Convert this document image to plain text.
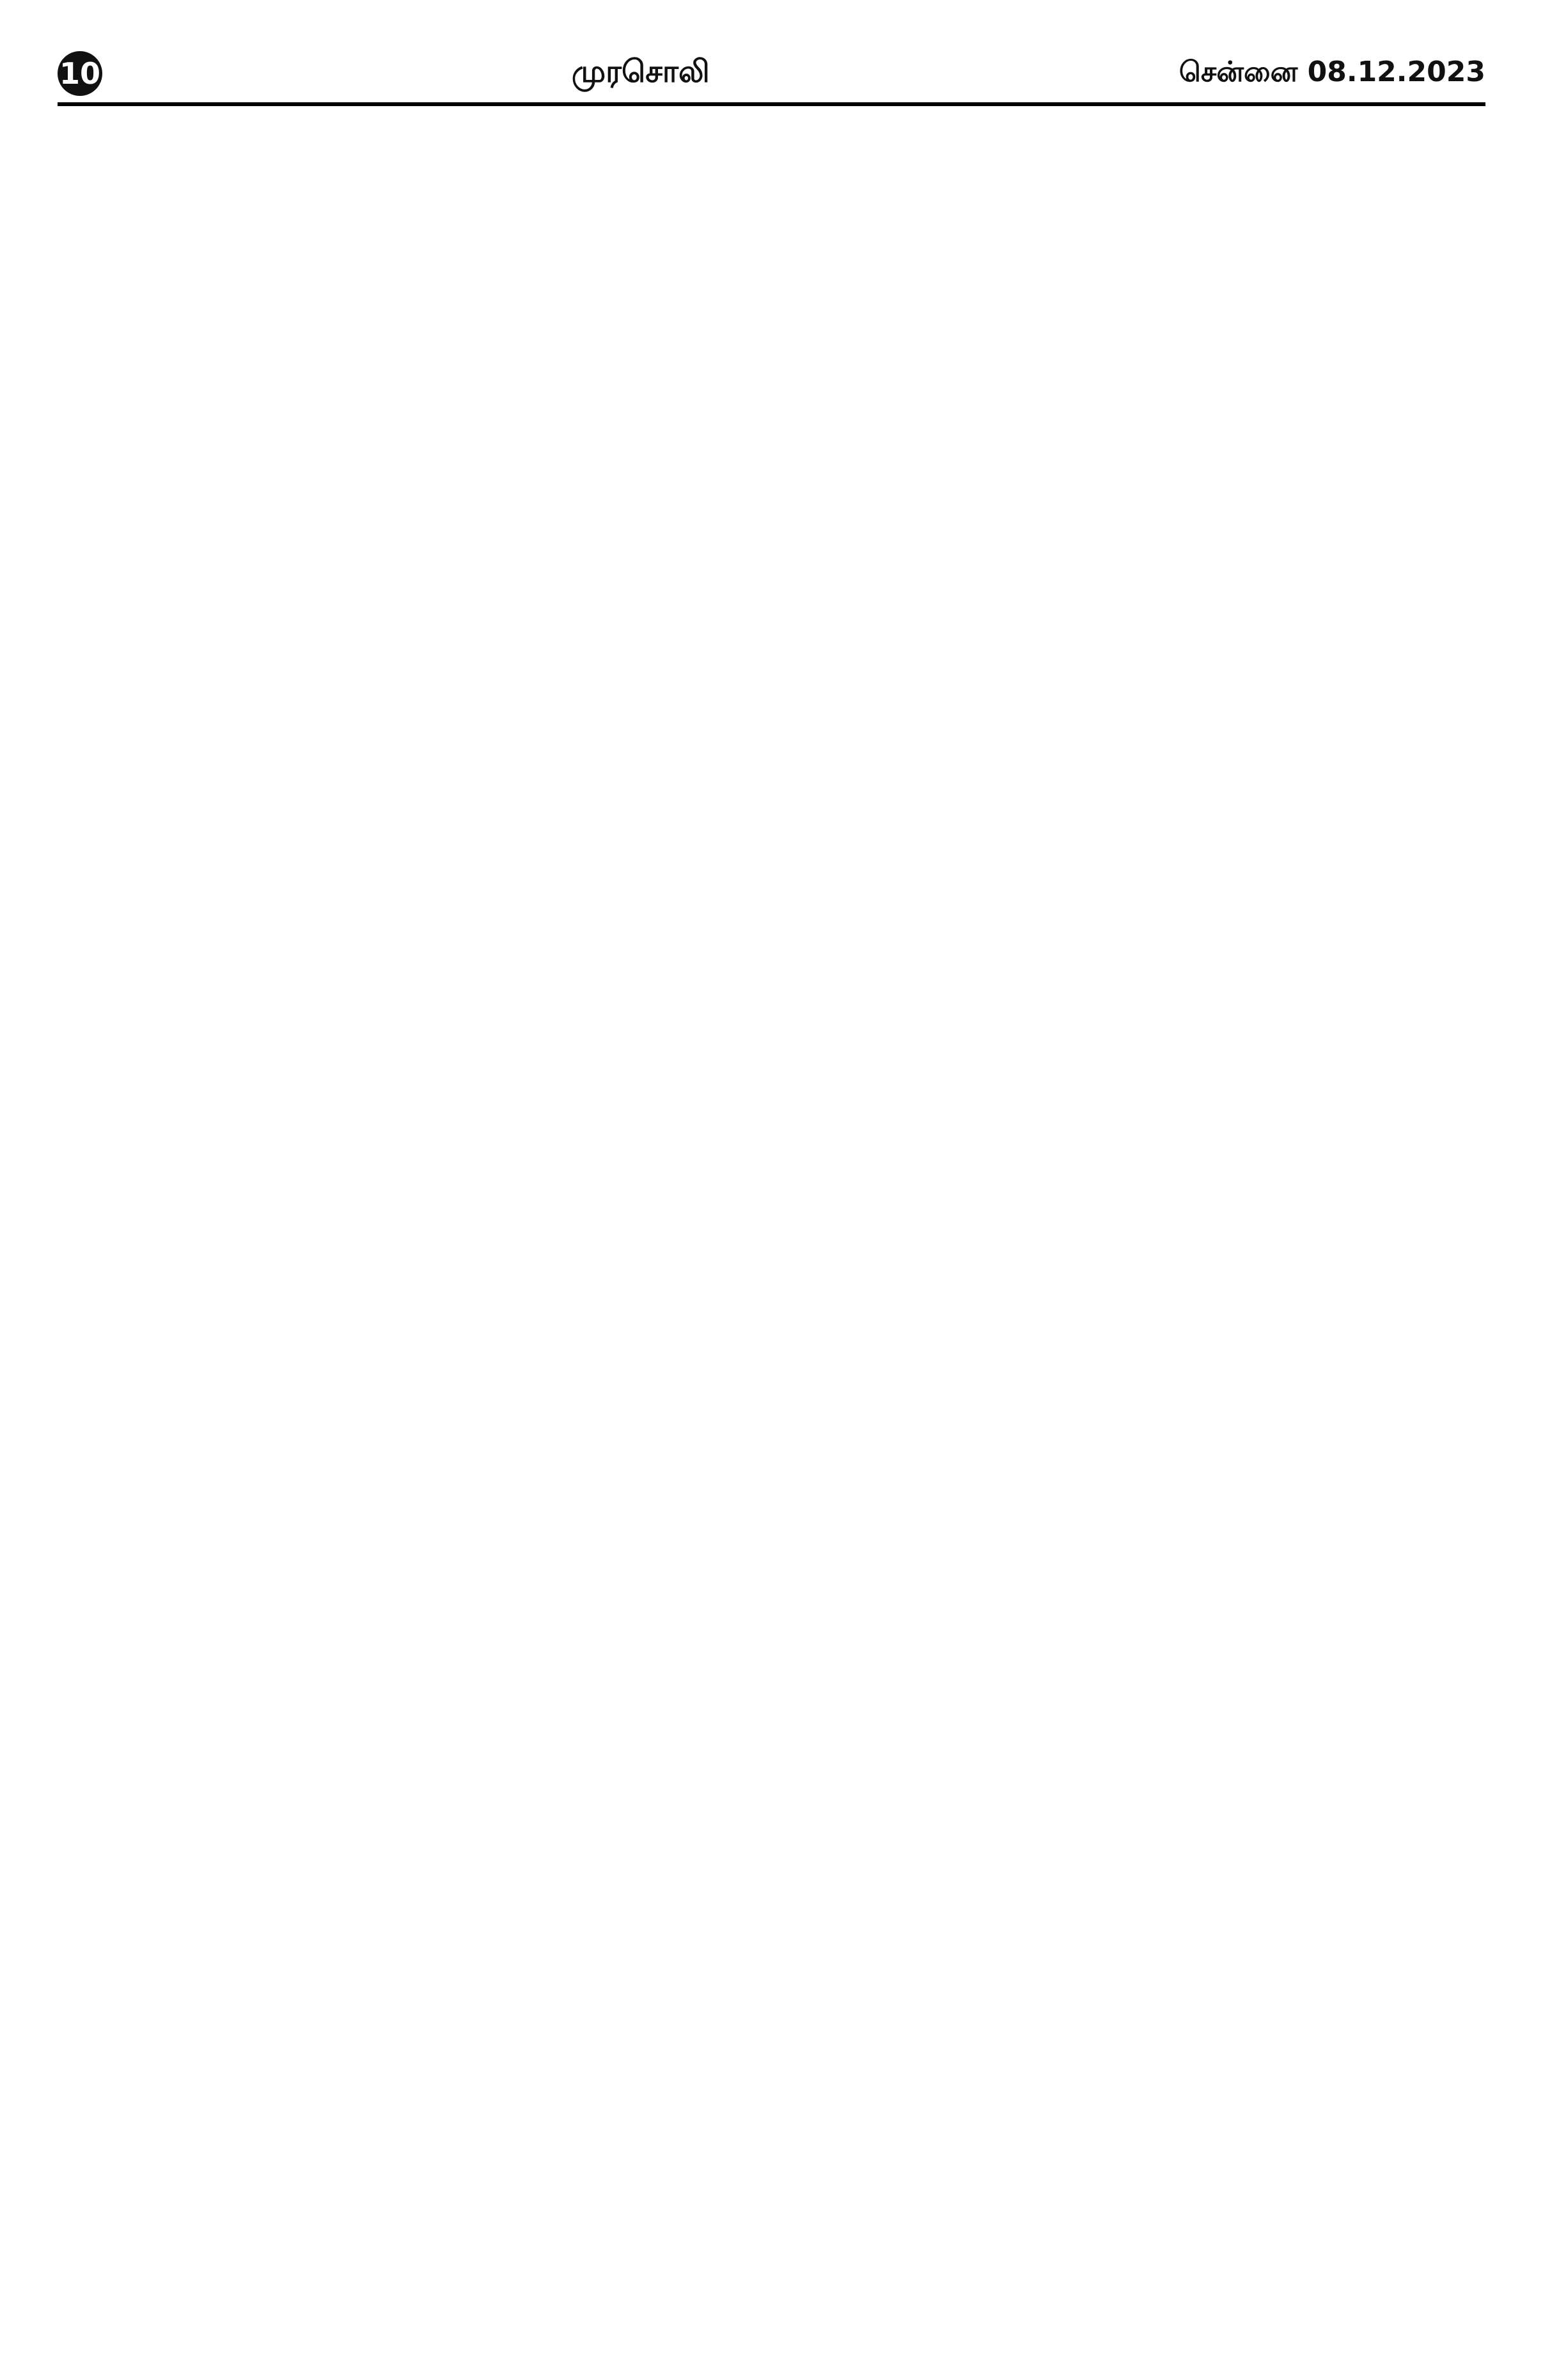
10	முரசொலி	சென்னை 08.12.2023
